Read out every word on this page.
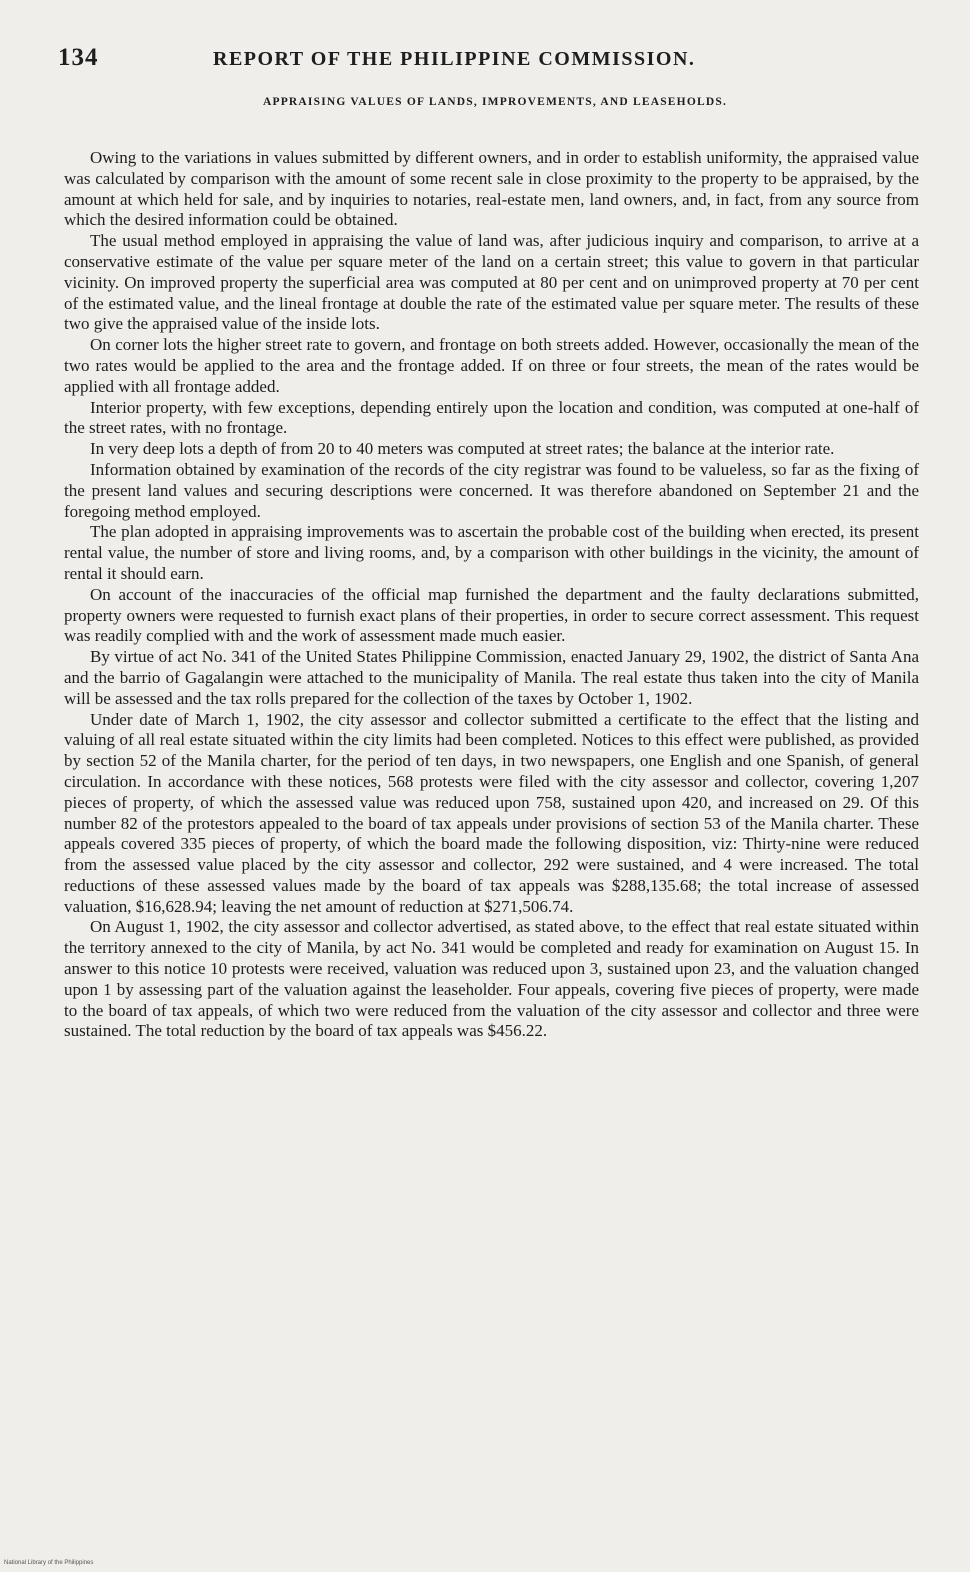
134	REPORT OF THE PHILIPPINE COMMISSION.
APPRAISING VALUES OF LANDS, IMPROVEMENTS, AND LEASEHOLDS.

Owing to the variations in values submitted by different owners, and in order to establish uniformity, the appraised value was calculated by comparison with the amount of some recent sale in close proximity to the property to be appraised, by the amount at which held for sale, and by inquiries to notaries, real-estate men, land owners, and, in fact, from any source from which the desired information could be obtained.

The usual method employed in appraising the value of land was, after judicious inquiry and comparison, to arrive at a conservative estimate of the value per square meter of the land on a certain street; this value to govern in that particular vicinity. On improved property the superficial area was computed at 80 per cent and on unimproved property at 70 per cent of the estimated value, and the lineal frontage at double the rate of the estimated value per square meter. The results of these two give the appraised value of the inside lots.

On corner lots the higher street rate to govern, and frontage on both streets added. However, occasionally the mean of the two rates would be applied to the area and the frontage added. If on three or four streets, the mean of the rates would be applied with all frontage added.

Interior property, with few exceptions, depending entirely upon the location and condition, was computed at one-half of the street rates, with no frontage.

In very deep lots a depth of from 20 to 40 meters was computed at street rates; the balance at the interior rate.

Information obtained by examination of the records of the city registrar was found to be valueless, so far as the fixing of the present land values and securing descriptions were concerned. It was therefore abandoned on September 21 and the foregoing method employed.

The plan adopted in appraising improvements was to ascertain the probable cost of the building when erected, its present rental value, the number of store and living rooms, and, by a comparison with other buildings in the vicinity, the amount of rental it should earn.

On account of the inaccuracies of the official map furnished the department and the faulty declarations submitted, property owners were requested to furnish exact plans of their properties, in order to secure correct assessment. This request was readily complied with and the work of assessment made much easier.

By virtue of act No. 341 of the United States Philippine Commission, enacted January 29, 1902, the district of Santa Ana and the barrio of Gagalangin were attached to the municipality of Manila. The real estate thus taken into the city of Manila will be assessed and the tax rolls prepared for the collection of the taxes by October 1, 1902.

Under date of March 1, 1902, the city assessor and collector submitted a certificate to the effect that the listing and valuing of all real estate situated within the city limits had been completed. Notices to this effect were published, as provided by section 52 of the Manila charter, for the period of ten days, in two newspapers, one English and one Spanish, of general circulation. In accordance with these notices, 568 protests were filed with the city assessor and collector, covering 1,207 pieces of property, of which the assessed value was reduced upon 758, sustained upon 420, and increased on 29. Of this number 82 of the protestors appealed to the board of tax appeals under provisions of section 53 of the Manila charter. These appeals covered 335 pieces of property, of which the board made the following disposition, viz: Thirty-nine were reduced from the assessed value placed by the city assessor and collector, 292 were sustained, and 4 were increased. The total reductions of these assessed values made by the board of tax appeals was $288,135.68; the total increase of assessed valuation, $16,628.94; leaving the net amount of reduction at $271,506.74.

On August 1, 1902, the city assessor and collector advertised, as stated above, to the effect that real estate situated within the territory annexed to the city of Manila, by act No. 341 would be completed and ready for examination on August 15. In answer to this notice 10 protests were received, valuation was reduced upon 3, sustained upon 23, and the valuation changed upon 1 by assessing part of the valuation against the leaseholder. Four appeals, covering five pieces of property, were made to the board of tax appeals, of which two were reduced from the valuation of the city assessor and collector and three were sustained. The total reduction by the board of tax appeals was $456.22.

National Library of the Philippines
